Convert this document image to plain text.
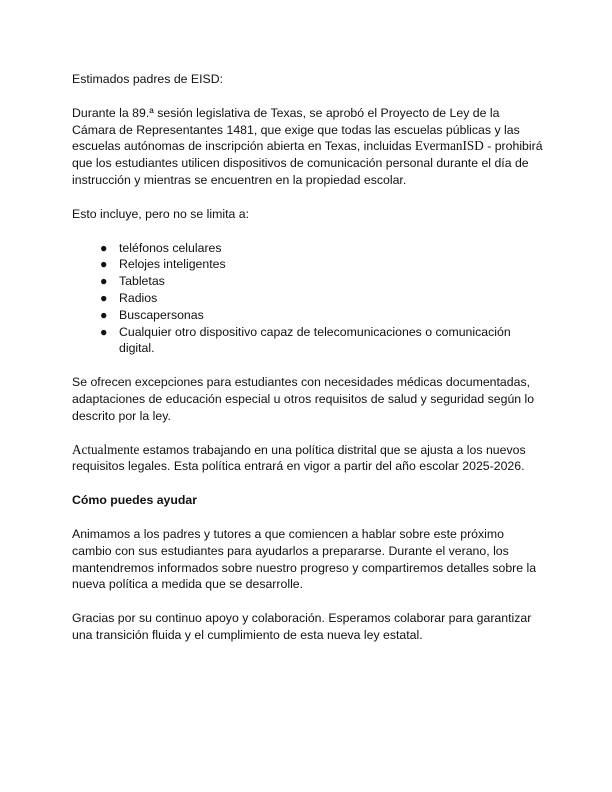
Estimados padres de EISD:

Durante la 89.ª sesión legislativa de Texas, se aprobó el Proyecto de Ley de la Cámara de Representantes 1481, que exige que todas las escuelas públicas y las escuelas autónomas de inscripción abierta en Texas, incluidas EvermanISD - prohibirá que los estudiantes utilicen dispositivos de comunicación personal durante el día de instrucción y mientras se encuentren en la propiedad escolar.

Esto incluye, pero no se limita a:

● teléfonos celulares
● Relojes inteligentes
● Tabletas
● Radios
● Buscapersonas
● Cualquier otro dispositivo capaz de telecomunicaciones o comunicación digital.

Se ofrecen excepciones para estudiantes con necesidades médicas documentadas, adaptaciones de educación especial u otros requisitos de salud y seguridad según lo descrito por la ley.

Actualmente estamos trabajando en una política distrital que se ajusta a los nuevos requisitos legales. Esta política entrará en vigor a partir del año escolar 2025-2026.

Cómo puedes ayudar

Animamos a los padres y tutores a que comiencen a hablar sobre este próximo cambio con sus estudiantes para ayudarlos a prepararse. Durante el verano, los mantendremos informados sobre nuestro progreso y compartiremos detalles sobre la nueva política a medida que se desarrolle.

Gracias por su continuo apoyo y colaboración. Esperamos colaborar para garantizar una transición fluida y el cumplimiento de esta nueva ley estatal.
